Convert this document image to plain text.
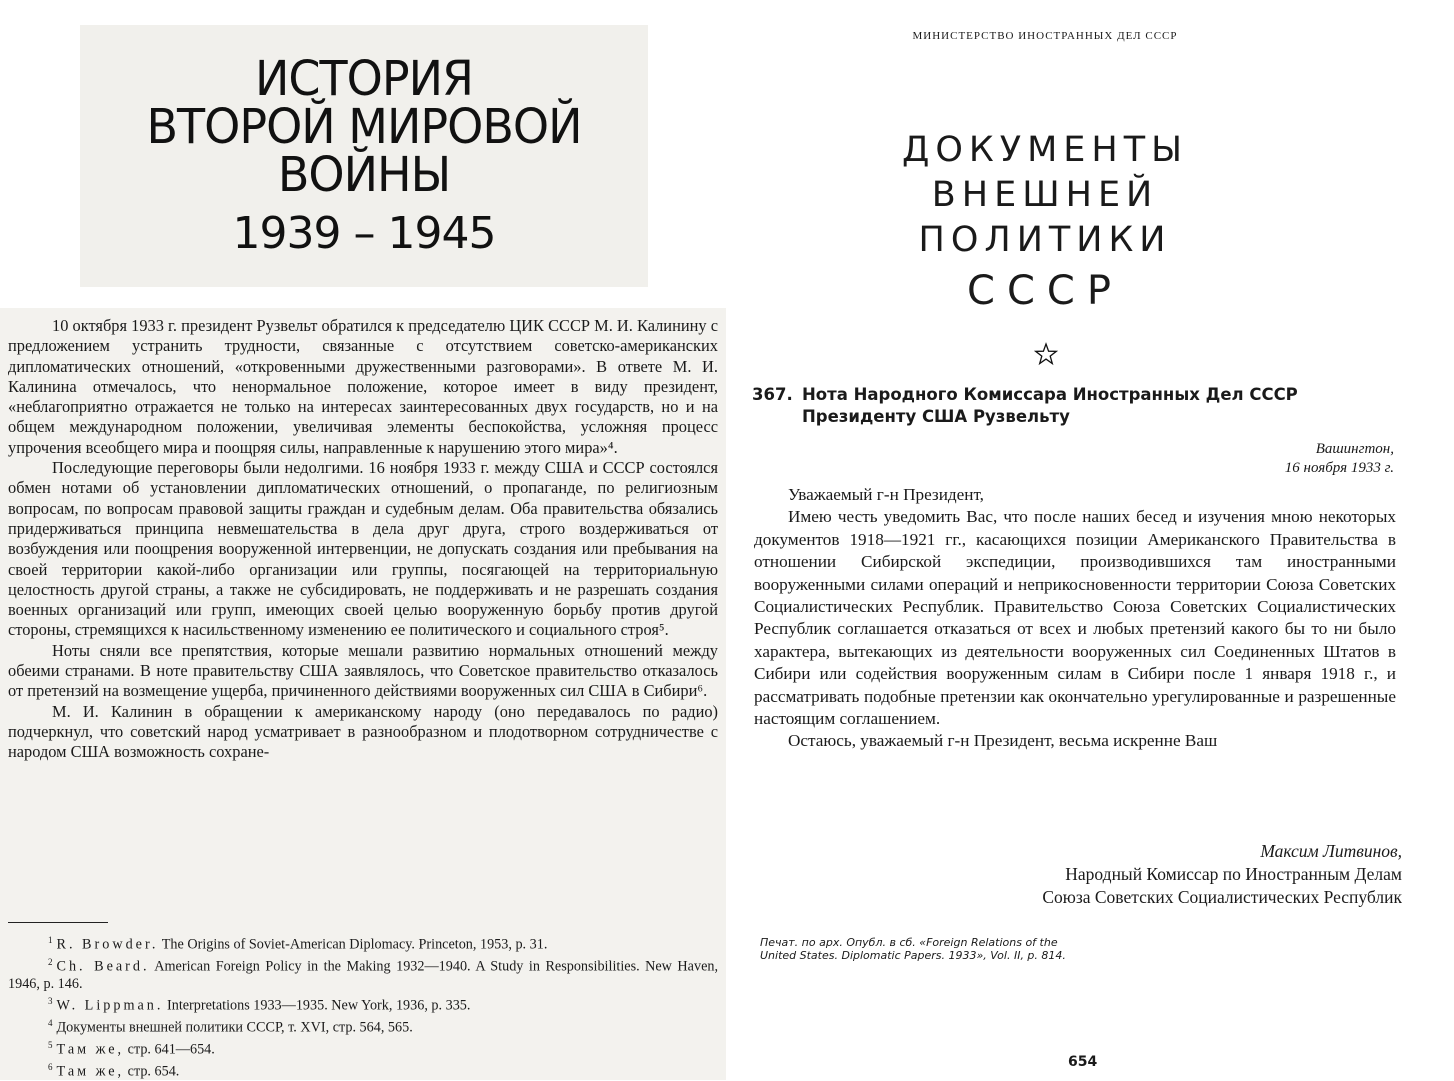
ИСТОРИЯ
ВТОРОЙ МИРОВОЙ
ВОЙНЫ
1939 – 1945

10 октября 1933 г. президент Рузвельт обратился к председателю ЦИК СССР М. И. Калинину с предложением устранить трудности, связанные с отсутствием советско-американских дипломатических отношений, «откровенными дружественными разговорами». В ответе М. И. Калинина отмечалось, что ненормальное положение, которое имеет в виду президент, «неблагоприятно отражается не только на интересах заинтересованных двух государств, но и на общем международном положении, увеличивая элементы беспокойства, усложняя процесс упрочения всеобщего мира и поощряя силы, направленные к нарушению этого мира»⁴.

Последующие переговоры были недолгими. 16 ноября 1933 г. между США и СССР состоялся обмен нотами об установлении дипломатических отношений, о пропаганде, по религиозным вопросам, по вопросам правовой защиты граждан и судебным делам. Оба правительства обязались придерживаться принципа невмешательства в дела друг друга, строго воздерживаться от возбуждения или поощрения вооруженной интервенции, не допускать создания или пребывания на своей территории какой-либо организации или группы, посягающей на территориальную целостность другой страны, а также не субсидировать, не поддерживать и не разрешать создания военных организаций или групп, имеющих своей целью вооруженную борьбу против другой стороны, стремящихся к насильственному изменению ее политического и социального строя⁵.

Ноты сняли все препятствия, которые мешали развитию нормальных отношений между обеими странами. В ноте правительству США заявлялось, что Советское правительство отказалось от претензий на возмещение ущерба, причиненного действиями вооруженных сил США в Сибири⁶.

М. И. Калинин в обращении к американскому народу (оно передавалось по радио) подчеркнул, что советский народ усматривает в разнообразном и плодотворном сотрудничестве с народом США возможность сохране-

$^1$ R. Browder. The Origins of Soviet-American Diplomacy. Princeton, 1953, p. 31.

$^2$ Ch. Beard. American Foreign Policy in the Making 1932—1940. A Study in Responsibilities. New Haven, 1946, p. 146.

$^3$ W. Lippman. Interpretations 1933—1935. New York, 1936, p. 335.

$^4$ Документы внешней политики СССР, т. XVI, стр. 564, 565.

$^5$ Там же, стр. 641—654.

$^6$ Там же, стр. 654.

МИНИСТЕРСТВО ИНОСТРАННЫХ ДЕЛ СССР
ДОКУМЕНТЫ
ВНЕШНЕЙ
ПОЛИТИКИ
СССР
367. Нота Народного Комиссара Иностранных Дел СССР
Президенту США Рузвельту
Вашингтон,
16 ноября 1933 г.

Уважаемый г-н Президент,

Имею честь уведомить Вас, что после наших бесед и изучения мною некоторых документов 1918—1921 гг., касающихся позиции Американского Правительства в отношении Сибирской экспедиции, производившихся там иностранными вооруженными силами операций и неприкосновенности территории Союза Советских Социалистических Республик. Правительство Союза Советских Социалистических Республик соглашается отказаться от всех и любых претензий какого бы то ни было характера, вытекающих из деятельности вооруженных сил Соединенных Штатов в Сибири или содействия вооруженным силам в Сибири после 1 января 1918 г., и рассматривать подобные претензии как окончательно урегулированные и разрешенные настоящим соглашением.

Остаюсь, уважаемый г-н Президент, весьма искренне Ваш

Максим Литвинов,
Народный Комиссар по Иностранным Делам
Союза Советских Социалистических Республик
Печат. по арх. Опубл. в сб. «Foreign Relations of the United States. Diplomatic Papers. 1933», Vol. II, p. 814.
654
